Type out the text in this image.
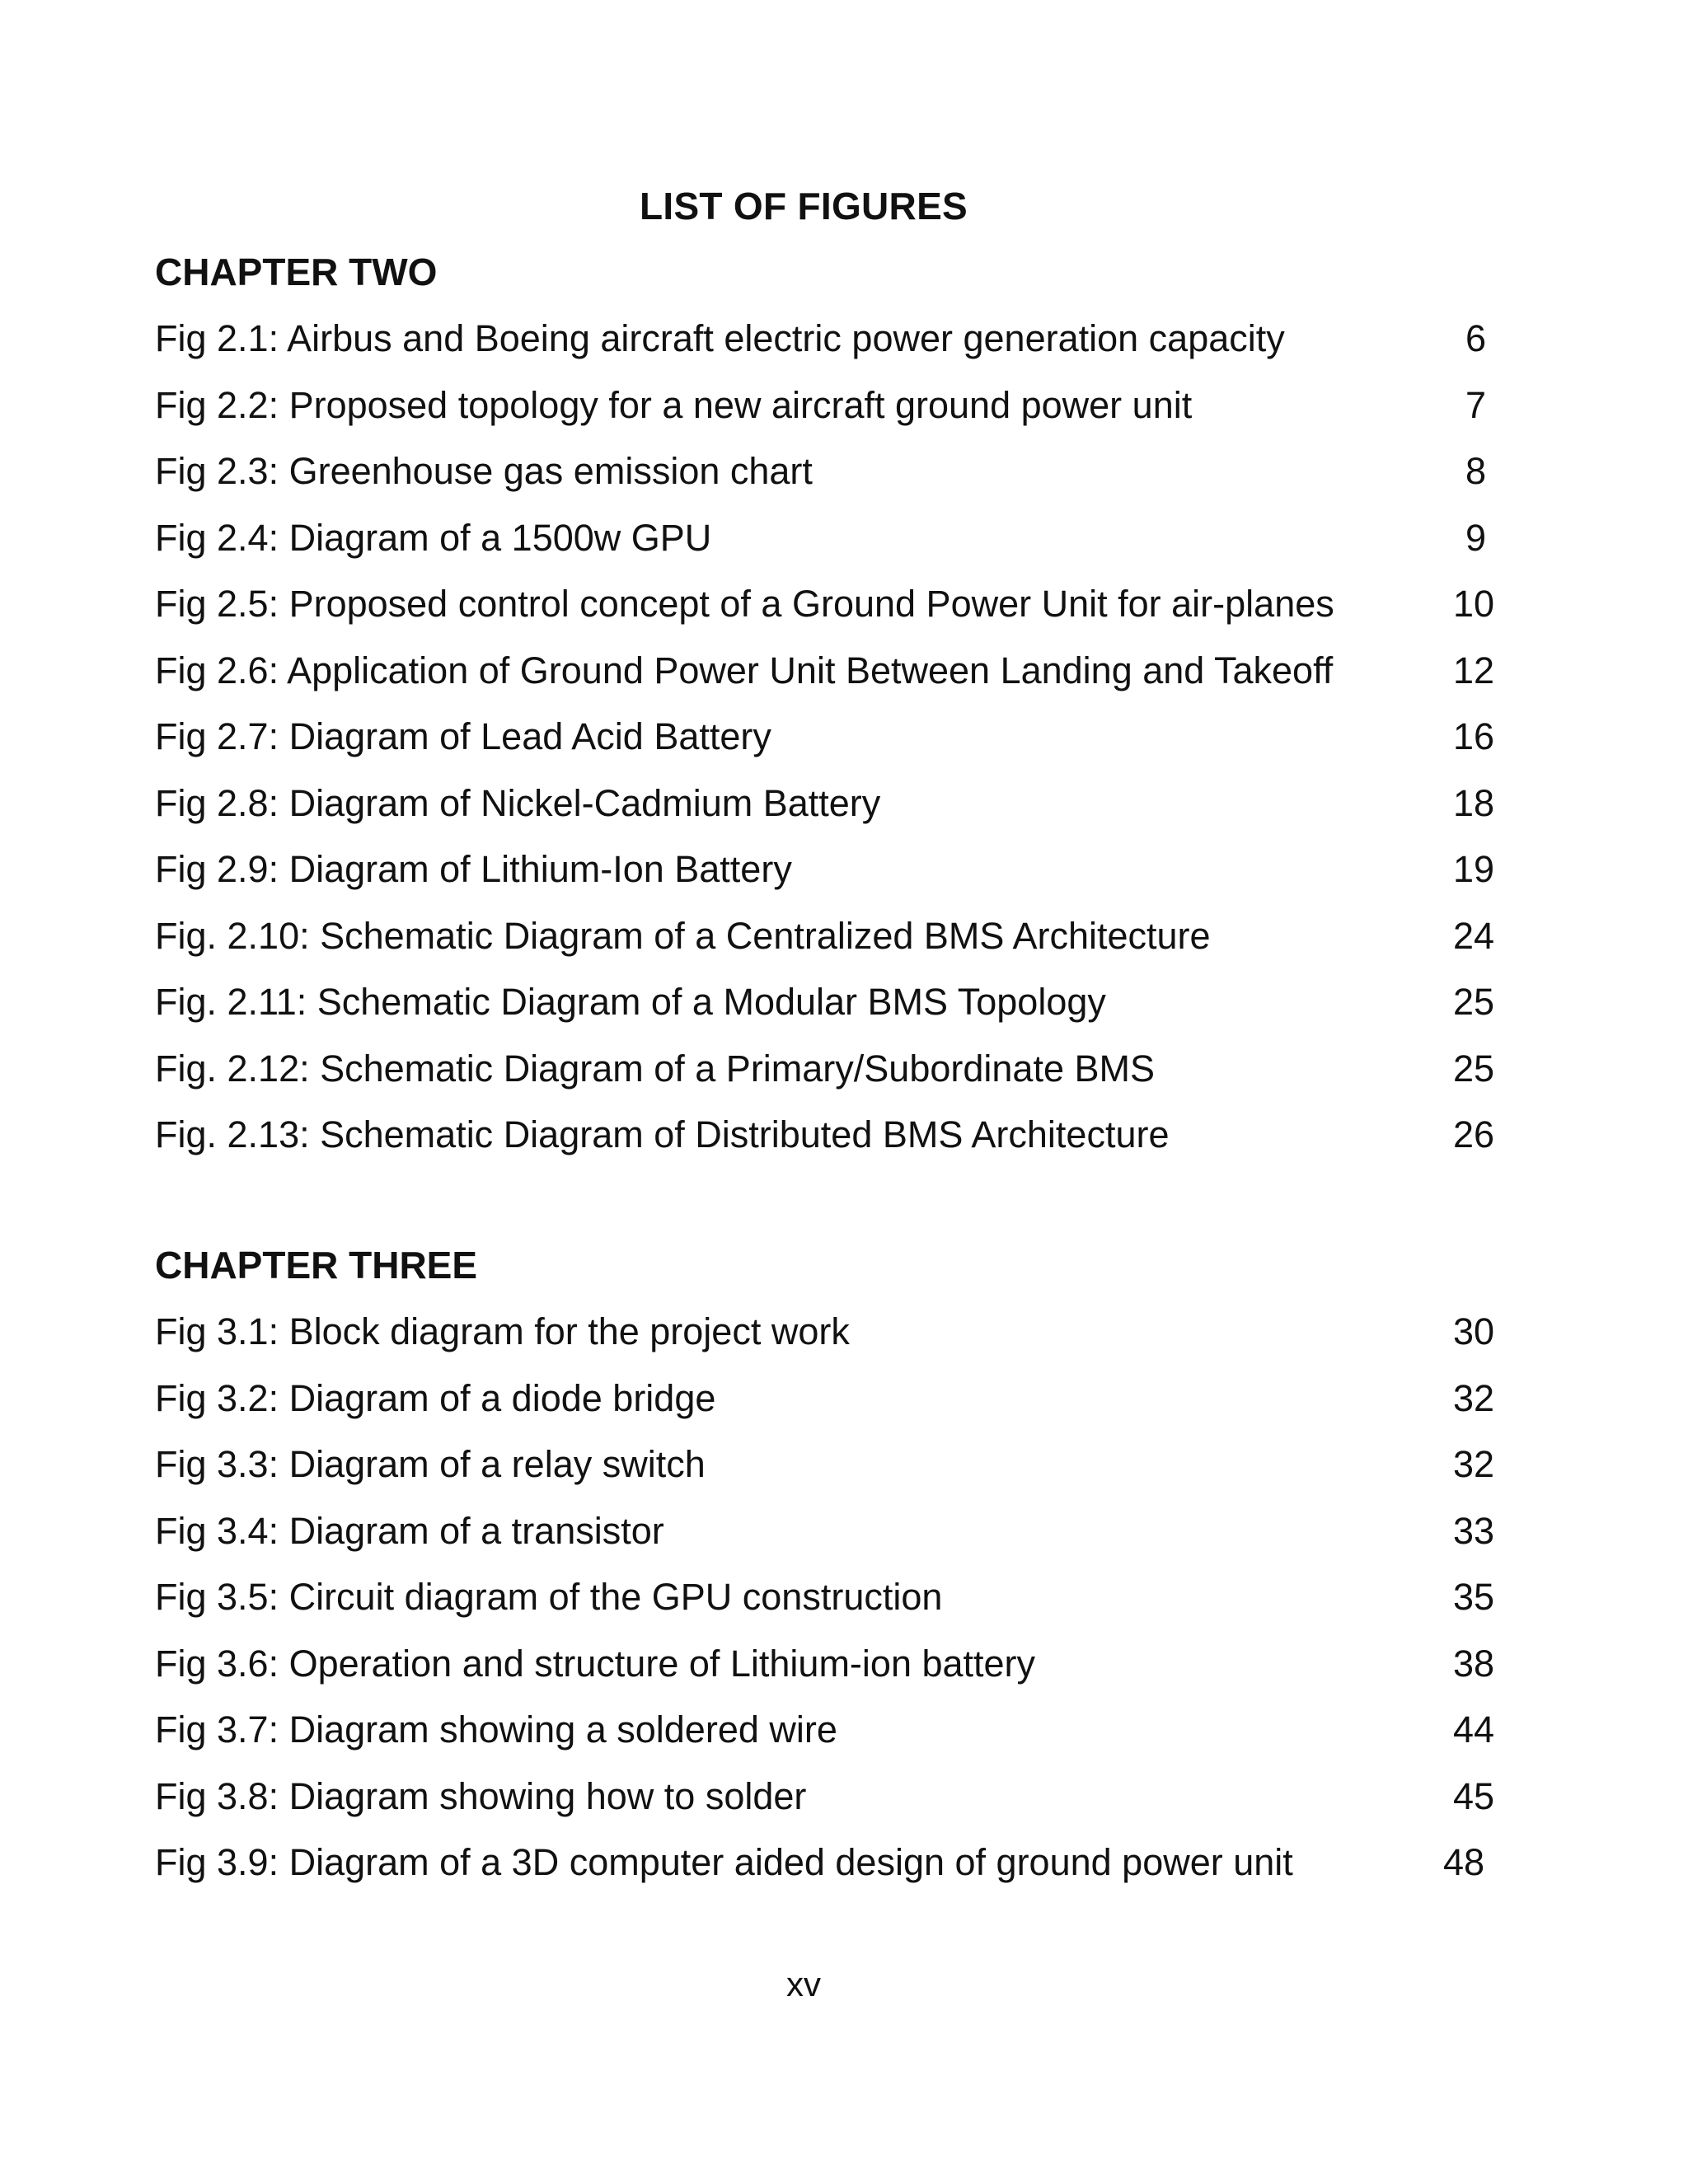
LIST OF FIGURES
CHAPTER TWO
Fig 2.1: Airbus and Boeing aircraft electric power generation capacity	6
Fig 2.2: Proposed topology for a new aircraft ground power unit	7
Fig 2.3: Greenhouse gas emission chart	8
Fig 2.4: Diagram of a 1500w GPU	9
Fig 2.5: Proposed control concept of a Ground Power Unit for air-planes	10
Fig 2.6: Application of Ground Power Unit Between Landing and Takeoff	12
Fig 2.7: Diagram of Lead Acid Battery	16
Fig 2.8: Diagram of Nickel-Cadmium Battery	18
Fig 2.9: Diagram of Lithium-Ion Battery	19
Fig. 2.10: Schematic Diagram of a Centralized BMS Architecture	24
Fig. 2.11: Schematic Diagram of a Modular BMS Topology	25
Fig. 2.12: Schematic Diagram of a Primary/Subordinate BMS	25
Fig. 2.13: Schematic Diagram of Distributed BMS Architecture	26
CHAPTER THREE
Fig 3.1: Block diagram for the project work	30
Fig 3.2: Diagram of a diode bridge	32
Fig 3.3: Diagram of a relay switch	32
Fig 3.4: Diagram of a transistor	33
Fig 3.5: Circuit diagram of the GPU construction	35
Fig 3.6: Operation and structure of Lithium-ion battery	38
Fig 3.7: Diagram showing a soldered wire	44
Fig 3.8: Diagram showing how to solder	45
Fig 3.9: Diagram of a 3D computer aided design of ground power unit	48
xv
